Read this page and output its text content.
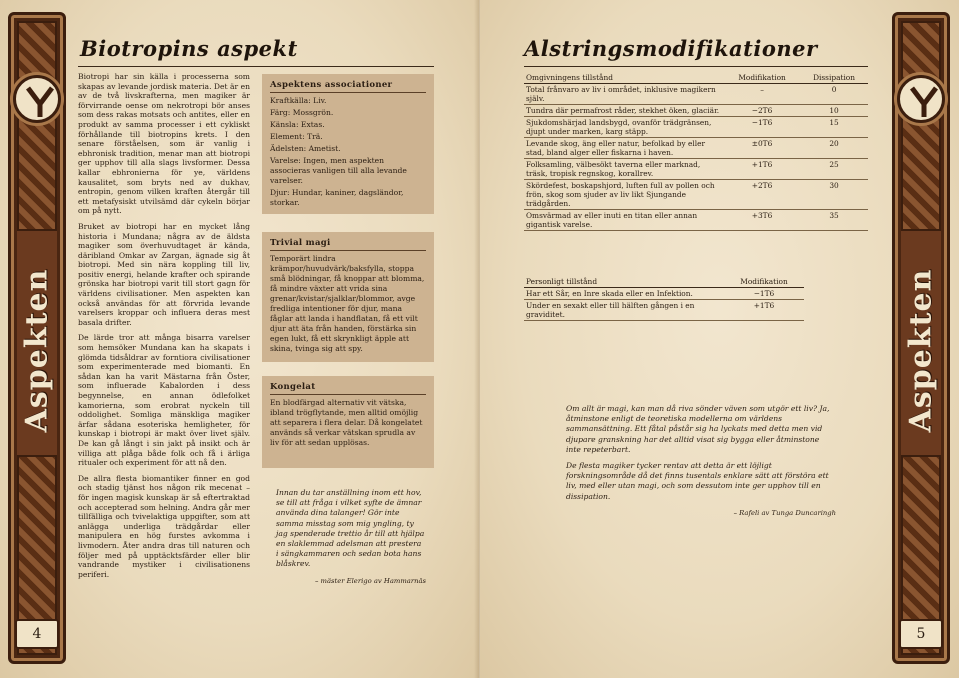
Aspekten
4
Biotropins aspekt

Biotropi har sin källa i processerna som skapas av levande jordisk materia. Det är en av de två livskrafterna, men magiker är förvirrande oense om nekrotropi bör anses som dess rakas motsats och antites, eller en produkt av samma processer i ett cykliskt förhållande till biotropins krets. I den senare förståelsen, som är vanlig i ebhronisk tradition, menar man att biotropi ger upphov till alla slags livsformer. Dessa kallar ebhronierna för ye, världens kausalitet, som bryts ned av dukhav, entropin, genom vilken kraften återgår till ett metafysiskt utvilsämd där cykeln börjar om på nytt.

Bruket av biotropi har en mycket lång historia i Mundana; några av de äldsta magiker som överhuvudtaget är kända, däribland Omkar av Zargan, ägnade sig åt biotropi. Med sin nära koppling till liv, positiv energi, helande krafter och spirande grönska har biotropi varit till stort gagn för världens civilisationer. Men aspekten kan också användas för att förvrida levande varelsers kroppar och influera deras mest basala drifter.

De lärde tror att många bisarra varelser som hemsöker Mundana kan ha skapats i glömda tidsåldrar av forntiora civilisationer som experimenterade med biomanti. En sådan kan ha varit Mästarna från Öster, som influerade Kabalorden i dess begynnelse, en annan ödlefolket kamorierna, som erobrat nyckeln till oddolighet. Somliga mänskliga magiker ärfar sådana esoteriska hemligheter, för kunskap i biotropi är makt över livet själv. De kan gå långt i sin jakt på insikt och är villiga att plåga både folk och få i ärliga ritualer och experiment för att nå den.

De allra flesta biomantiker finner en god och stadig tjänst hos någon rik mecenat – för ingen magisk kunskap är så eftertraktad och accepterad som helning. Andra går mer tillfälliga och tvivelaktiga uppgifter, som att anlägga underliga trädgårdar eller manipulera en hög furstes avkomma i livmodern. Åter andra dras till naturen och följer med på upptäcktsfärder eller blir vandrande mystiker i civilisationens periferi.

Aspektens associationer
Kraftkälla: Liv.
Färg: Mossgrön.
Känsla: Extas.
Element: Trä.
Ädelsten: Ametist.
Varelse: Ingen, men aspekten associeras vanligen till alla levande varelser.
Djur: Hundar, kaniner, dagsländor, storkar.
Trivial magi
Temporärt lindra krämpor/huvudvärk/baksfylla, stoppa små blödningar, få knoppar att blomma, få mindre växter att vrida sina grenar/kvistar/sjalklar/blommor, avge fredliga intentioner för djur, mana fåglar att landa i handflatan, få ett vilt djur att äta från handen, förstärka sin egen lukt, få ett skrynkligt äpple att skina, tvinga sig att spy.
Kongelat
En blodfärgad alternativ vit vätska, ibland trögflytande, men alltid omöjlig att separera i flera delar. Då kongelatet används så verkar vätskan sprudla av liv för att sedan upplösas.
Innan du tar anställning inom ett hov, se till att fråga i vilket syfte de ämnar använda dina talanger! Gör inte samma misstag som mig yngling, ty jag spenderade trettio år till att hjälpa en slaklemmad adelsman att prestera i sängkammaren och sedan bota hans blåskrev.
– mäster Elerigo av Hammarnäs
Alstringsmodifikationer
Omgivningens tillstånd	Modifikation	Dissipation
Total frånvaro av liv i området, inklusive magikern själv.	–	0
Tundra där permafrost råder, stekhet öken, glaciär.	−2T6	10
Sjukdomshärjad landsbygd, ovanför trädgränsen, djupt under marken, karg stäpp.	−1T6	15
Levande skog, äng eller natur, befolkad by eller stad, bland alger eller fiskarna i haven.	±0T6	20
Folksamling, välbesökt taverna eller marknad, träsk, tropisk regnskog, korallrev.	+1T6	25
Skördefest, boskapshjord, luften full av pollen och frön, skog som sjuder av liv likt Sjungande trädgården.	+2T6	30
Omsvärmad av eller inuti en titan eller annan gigantisk varelse.	+3T6	35
Personligt tillstånd	Modifikation
Har ett Sår, en Inre skada eller en Infektion.	−1T6
Under en sexakt eller till hälften gången i en graviditet.	+1T6
Om allt är magi, kan man då riva sönder väven som utgör ett liv? Ja, åtminstone enligt de teoretiska modellerna om världens sammansättning. Ett fåtal påstår sig ha lyckats med detta men vid djupare granskning har det alltid visat sig bygga eller åtminstone inte repeterbart.
De flesta magiker tycker rentav att detta är ett löjligt forskningsområde då det finns tusentals enklare sätt att förstöra ett liv, med eller utan magi, och som dessutom inte ger upphov till en dissipation.
– Rafeli av Tunga Duncaringh
Aspekten
5
